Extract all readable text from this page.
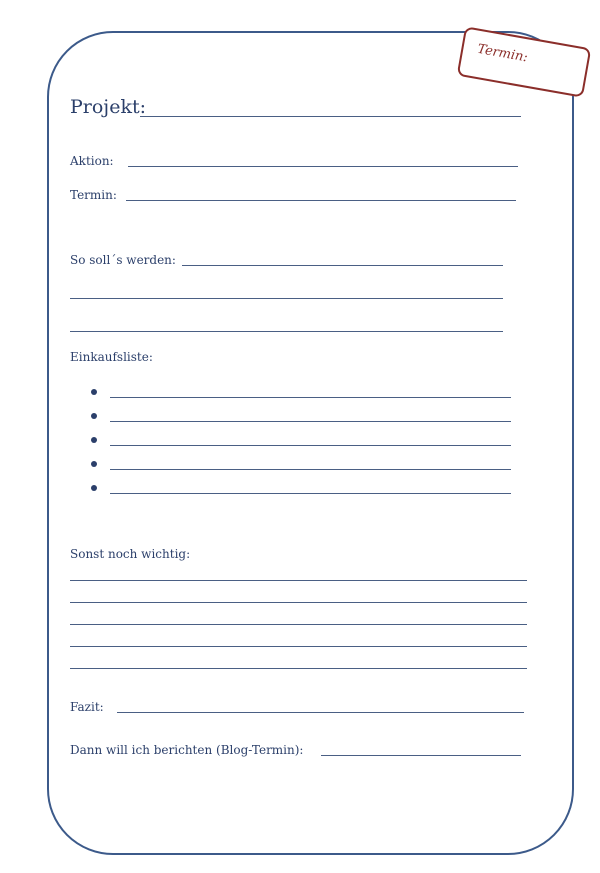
Termin:
Projekt:
Aktion:
Termin:
So soll´s werden:
Einkaufsliste:
Sonst noch wichtig:
Fazit:
Dann will ich berichten (Blog-Termin):
